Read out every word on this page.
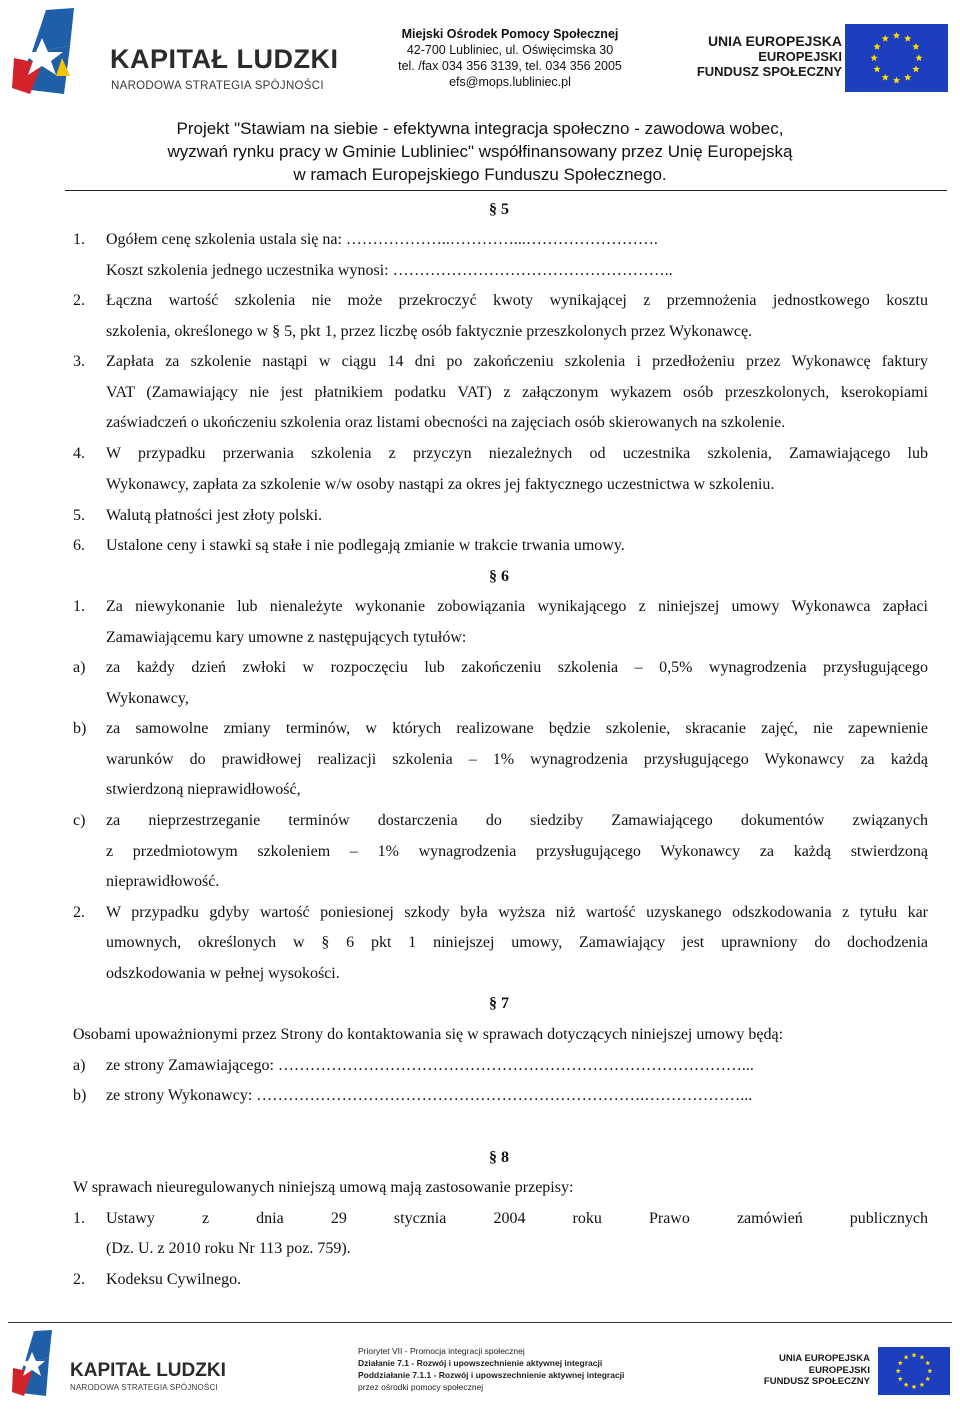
KAPITAŁ LUDZKI
NARODOWA STRATEGIA SPÓJNOŚCI
Miejski Ośrodek Pomocy Społecznej
42-700 Lubliniec, ul. Oświęcimska 30
tel. /fax 034 356 3139, tel. 034 356 2005
efs@mops.lubliniec.pl
UNIA EUROPEJSKA
EUROPEJSKI
FUNDUSZ SPOŁECZNY
Projekt "Stawiam na siebie - efektywna integracja społeczno - zawodowa wobec,
wyzwań rynku pracy w Gminie Lubliniec" współfinansowany przez Unię Europejską
w ramach Europejskiego Funduszu Społecznego.
§ 5
1. Ogółem cenę szkolenia ustala się na: ………………..…………...…………………….
Koszt szkolenia jednego uczestnika wynosi: ……………………………………………..
2. Łączna wartość szkolenia nie może przekroczyć kwoty wynikającej z przemnożenia jednostkowego kosztu
szkolenia, określonego w § 5, pkt 1, przez liczbę osób faktycznie przeszkolonych przez Wykonawcę.
3. Zapłata za szkolenie nastąpi w ciągu 14 dni po zakończeniu szkolenia i przedłożeniu przez Wykonawcę faktury
VAT (Zamawiający nie jest płatnikiem podatku VAT) z załączonym wykazem osób przeszkolonych, kserokopiami
zaświadczeń o ukończeniu szkolenia oraz listami obecności na zajęciach osób skierowanych na szkolenie.
4. W przypadku przerwania szkolenia z przyczyn niezależnych od uczestnika szkolenia, Zamawiającego lub
Wykonawcy, zapłata za szkolenie w/w osoby nastąpi za okres jej faktycznego uczestnictwa w szkoleniu.
5. Walutą płatności jest złoty polski.
6. Ustalone ceny i stawki są stałe i nie podlegają zmianie w trakcie trwania umowy.
§ 6
1. Za niewykonanie lub nienależyte wykonanie zobowiązania wynikającego z niniejszej umowy Wykonawca zapłaci
Zamawiającemu kary umowne z następujących tytułów:
a) za każdy dzień zwłoki w rozpoczęciu lub zakończeniu szkolenia – 0,5% wynagrodzenia przysługującego
Wykonawcy,
b) za samowolne zmiany terminów, w których realizowane będzie szkolenie, skracanie zajęć, nie zapewnienie
warunków do prawidłowej realizacji szkolenia – 1% wynagrodzenia przysługującego Wykonawcy za każdą
stwierdzoną nieprawidłowość,
c) za nieprzestrzeganie terminów dostarczenia do siedziby Zamawiającego dokumentów związanych
z przedmiotowym szkoleniem – 1% wynagrodzenia przysługującego Wykonawcy za każdą stwierdzoną
nieprawidłowość.
2. W przypadku gdyby wartość poniesionej szkody była wyższa niż wartość uzyskanego odszkodowania z tytułu kar
umownych, określonych w § 6 pkt 1 niniejszej umowy, Zamawiający jest uprawniony do dochodzenia
odszkodowania w pełnej wysokości.
§ 7
Osobami upoważnionymi przez Strony do kontaktowania się w sprawach dotyczących niniejszej umowy będą:
a) ze strony Zamawiającego: ……………………………………………………………………………...
b) ze strony Wykonawcy: ……………………………………………………………….………………...
§ 8
W sprawach nieuregulowanych niniejszą umową mają zastosowanie przepisy:
1. Ustawy z dnia 29 stycznia 2004 roku Prawo zamówień publicznych
(Dz. U. z 2010 roku Nr 113 poz. 759).
2. Kodeksu Cywilnego.
KAPITAŁ LUDZKI
NARODOWA STRATEGIA SPÓJNOŚCI
Priorytet VII - Promocja integracji społecznej
Działanie 7.1 - Rozwój i upowszechnienie aktywnej integracji
Poddziałanie 7.1.1 - Rozwój i upowszechnienie aktywnej integracji
przez ośrodki pomocy społecznej
UNIA EUROPEJSKA
EUROPEJSKI
FUNDUSZ SPOŁECZNY
